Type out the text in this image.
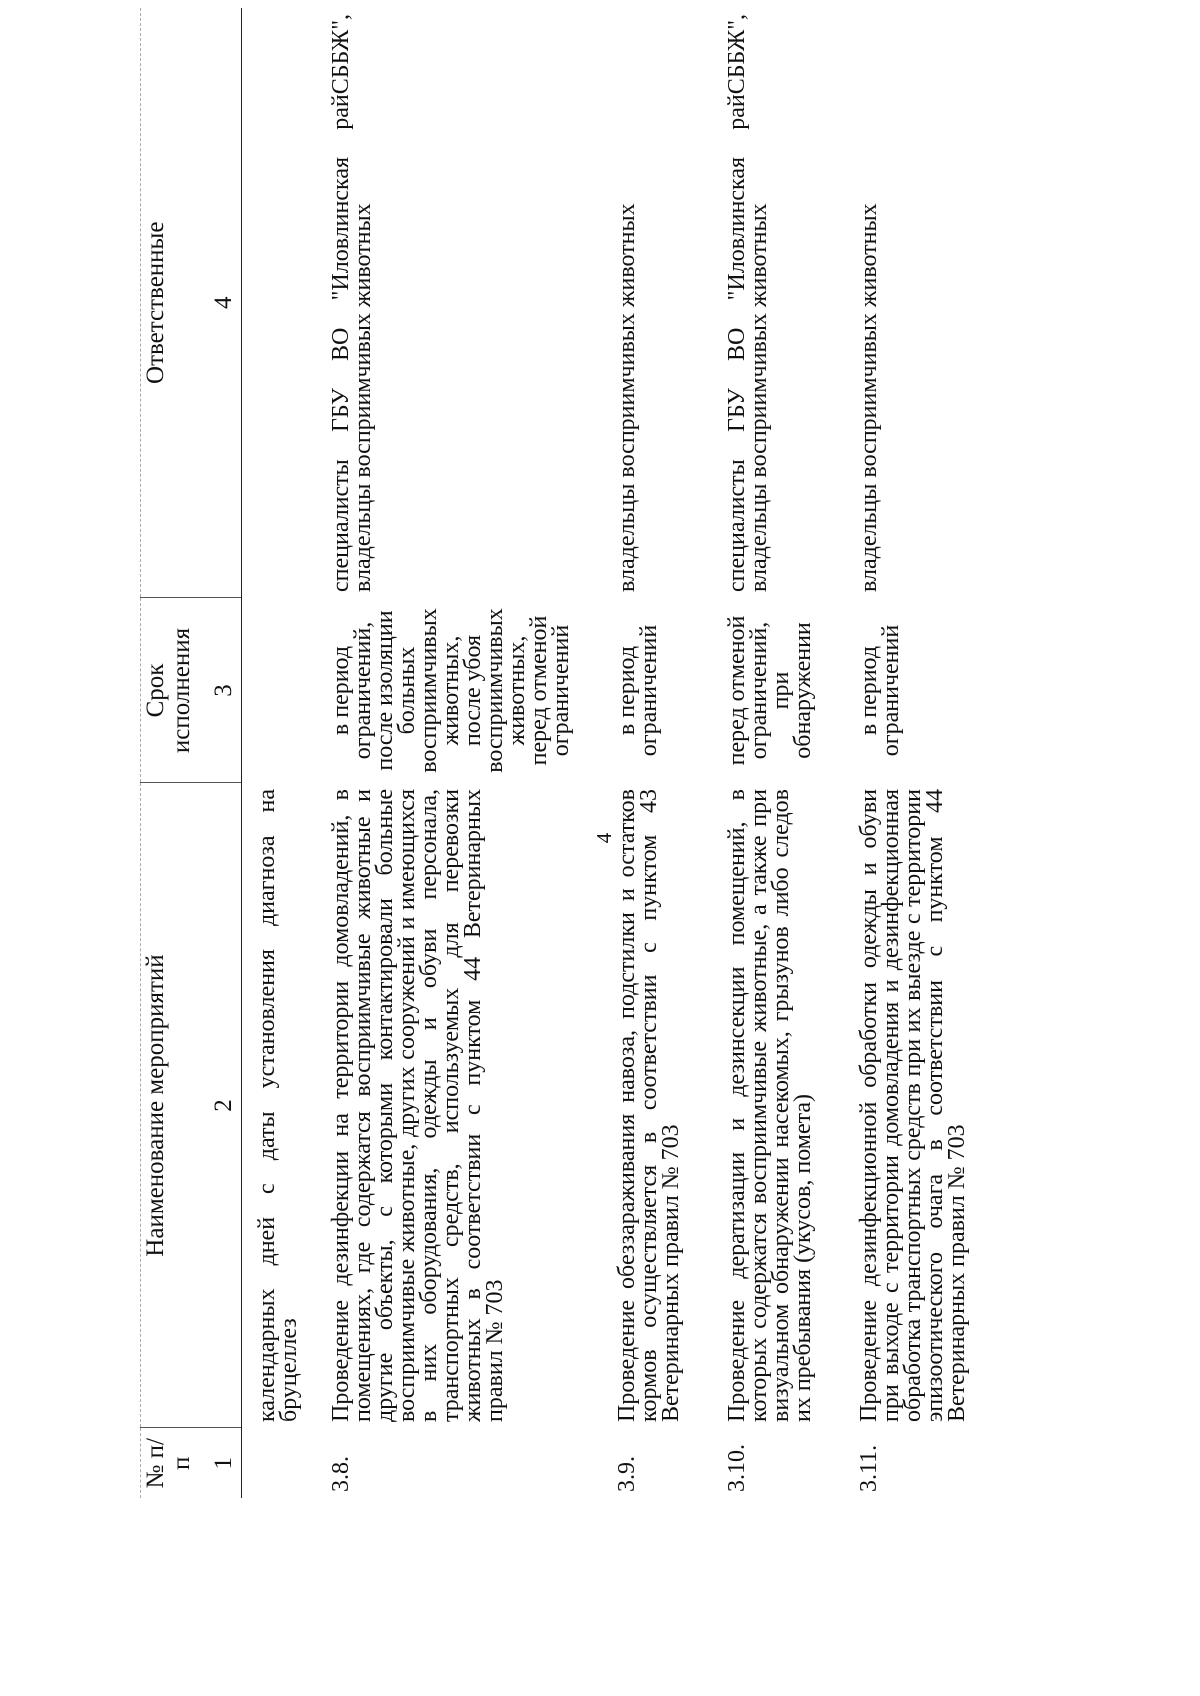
4
№ п/п	Наименование мероприятий	Срок исполнения	Ответственные
1	2	3	4
	календарных дней с даты установления диагноза на бруцеллез		
3.8.	Проведение дезинфекции на территории домовладений, в помещениях, где содержатся восприимчивые животные и другие объекты, с которыми контактировали больные восприимчивые животные, других сооружений и имеющихся в них оборудования, одежды и обуви персонала, транспортных средств, используемых для перевозки животных в соответствии с пунктом 44 Ветеринарных правил № 703	в период ограничений, после изоляции больных восприимчивых животных, после убоя восприимчивых животных, перед отменой ограничений	специалисты ГБУ ВО "Иловлинская райСББЖ", владельцы восприимчивых животных
3.9.	Проведение обеззараживания навоза, подстилки и остатков кормов осуществляется в соответствии с пунктом 43 Ветеринарных правил № 703	в период ограничений	владельцы восприимчивых животных
3.10.	Проведение дератизации и дезинсекции помещений, в которых содержатся восприимчивые животные, а также при визуальном обнаружении насекомых, грызунов либо следов их пребывания (укусов, помета)	перед отменой ограничений, при обнаружении	специалисты ГБУ ВО "Иловлинская райСББЖ", владельцы восприимчивых животных
3.11.	Проведение дезинфекционной обработки одежды и обуви при выходе с территории домовладения и дезинфекционная обработка транспортных средств при их выезде с территории эпизоотического очага в соответствии с пунктом 44 Ветеринарных правил № 703	в период ограничений	владельцы восприимчивых животных
